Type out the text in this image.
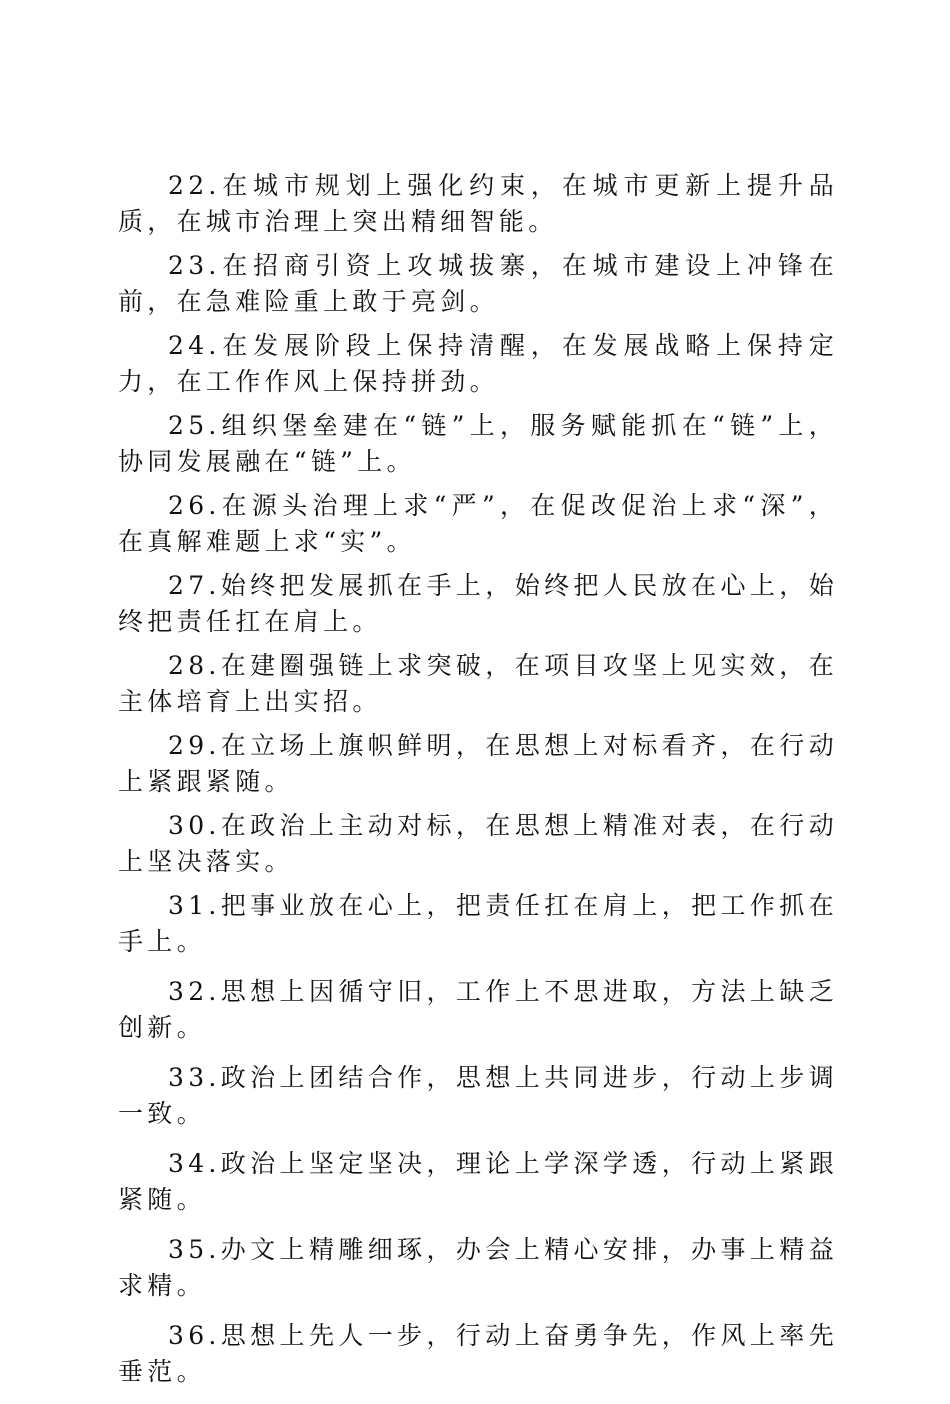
22.在城市规划上强化约束，在城市更新上提升品质，在城市治理上突出精细智能。

23.在招商引资上攻城拔寨，在城市建设上冲锋在前，在急难险重上敢于亮剑。

24.在发展阶段上保持清醒，在发展战略上保持定力，在工作作风上保持拼劲。

25.组织堡垒建在“链”上，服务赋能抓在“链”上，协同发展融在“链”上。

26.在源头治理上求“严”，在促改促治上求“深”，在真解难题上求“实”。

27.始终把发展抓在手上，始终把人民放在心上，始终把责任扛在肩上。

28.在建圈强链上求突破，在项目攻坚上见实效，在主体培育上出实招。

29.在立场上旗帜鲜明，在思想上对标看齐，在行动上紧跟紧随。

30.在政治上主动对标，在思想上精准对表，在行动上坚决落实。

31.把事业放在心上，把责任扛在肩上，把工作抓在手上。

32.思想上因循守旧，工作上不思进取，方法上缺乏创新。

33.政治上团结合作，思想上共同进步，行动上步调一致。

34.政治上坚定坚决，理论上学深学透，行动上紧跟紧随。

35.办文上精雕细琢，办会上精心安排，办事上精益求精。

36.思想上先人一步，行动上奋勇争先，作风上率先垂范。
